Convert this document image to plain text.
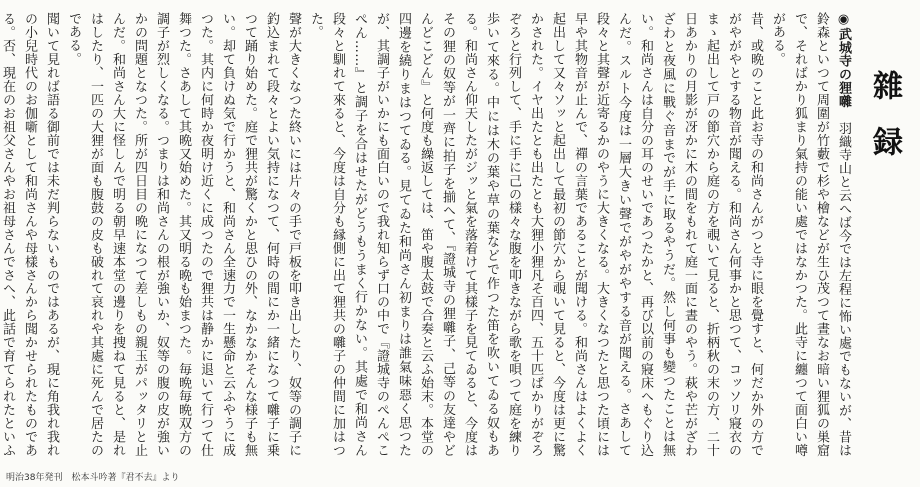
雜録

◉武城寺の狸囃　羽織寺山と云へば今では左程に怖い處でもないが、昔は鈴森といつて周圍が竹藪で杉や檜などが生ひ茂つて晝なお暗い狸狐の巣窟で、そればかり狐まり氣持の能い處ではなかつた。此寺に纏つて面白い噂がある。

昔、或晩のこと此お寺の和尚さんがつと寺に眼を覺すと、何だか外の方でがやがやとする物音が聞える。和尚さん何事かと思つて、コッソリ寢衣のまゝ起出して戸の節穴から庭の方を覗いて見ると、折柄秋の末の方、二十日あかりの月影が冴かに木の間をもれて庭一面に晝のやう。萩や芒がざわざわと夜風に戰ぐ音までが手に取るやうだ。然し何事も變つたことは無い。和尚さんは自分の耳のせいであつたかと、再び以前の寢床へもぐり込んだ。スルト今度は一層大きい聲でがやがやする音が聞える。さあして段々と其聲が近寄るかのやうに大きくなる。大きくなつたと思つた頃には早や其物音が止んで、禪の言葉であることが聞ける。和尚さんはよくよく起出して又々ソッと起出して最初の節穴から覗いて見ると、今度は更に驚かされた。イヤ出たとも出たとも大狸小狸凡そ百四、五十匹ばかりがぞろぞろと行列して、手に手に己の樣々な腹を叩きながら歌を唄つて庭を練り歩いて來る。中には木の葉や草の葉などで作つた笛を吹いてゐる奴もある。和尚さん仰天したがジッと氣を落着けて其樣子を見てゐると、今度はその狸の奴等が一齊に拍子を揃へて、『證城寺の狸囃子、己等の友達やどんどこどん』と何度も繰返しては、笛や腹太鼓で合奏と云ふ始末。本堂の四邊を繞りまはつてゐる。見てゐた和尚さん初まりは誰氣味惡く思つたが、其調子がいかにも面白いので我れ知らず口の中で『證城寺のぺんぺこぺん……』と調子を合はせたがどうもうまく行かない。其處で和尚さん段々と馴れて來ると、今度は自分も縁側に出て狸共の囃子の仲間に加はつた。

聲が大きくなつた終いには片々の手で戸板を叩き出したり、奴等の調子に釣込まれて段々とよい気持になつて、何時の間にか一緒になつて囃子に乗つて踊り始めた。庭で狸共が驚くかと思ひの外、なかなかそんな様子も無い。却て負けぬ気で行かうと、和尚さん全速力で一生懸命と云ふやうに成つた。其内に何時か夜明け近くに成つたので狸共は静かに退いて行つて仕舞つた。さあして其晩又始めた。其又明る晩も始まつた。毎晩毎晩双方の調子が烈しくなる。つまりは和尚さんの根が強いか、奴等の腹の皮が強いかの問題となつた。所が四日目の晩になつて差しもの親玉がパッタリと止んだ。和尚さん大に怪しんで明る朝早速本堂の邊りを捜ねて見ると、是れはしたり、一匹の大狸が面も腹鼓の皮も破れて哀れや其處に死んで居たのである。

聞いて見れば語る御前では未だ判らないものではあるが、現に角我れ我れの小兒時代のお伽噺として和尚さんや母樣さんから聞かせられたものである。否、現在のお祖父さんやお祖母さんでさへ、此話で育てられたといふ

明治38年発刊　松本斗吟著『君不去』より
